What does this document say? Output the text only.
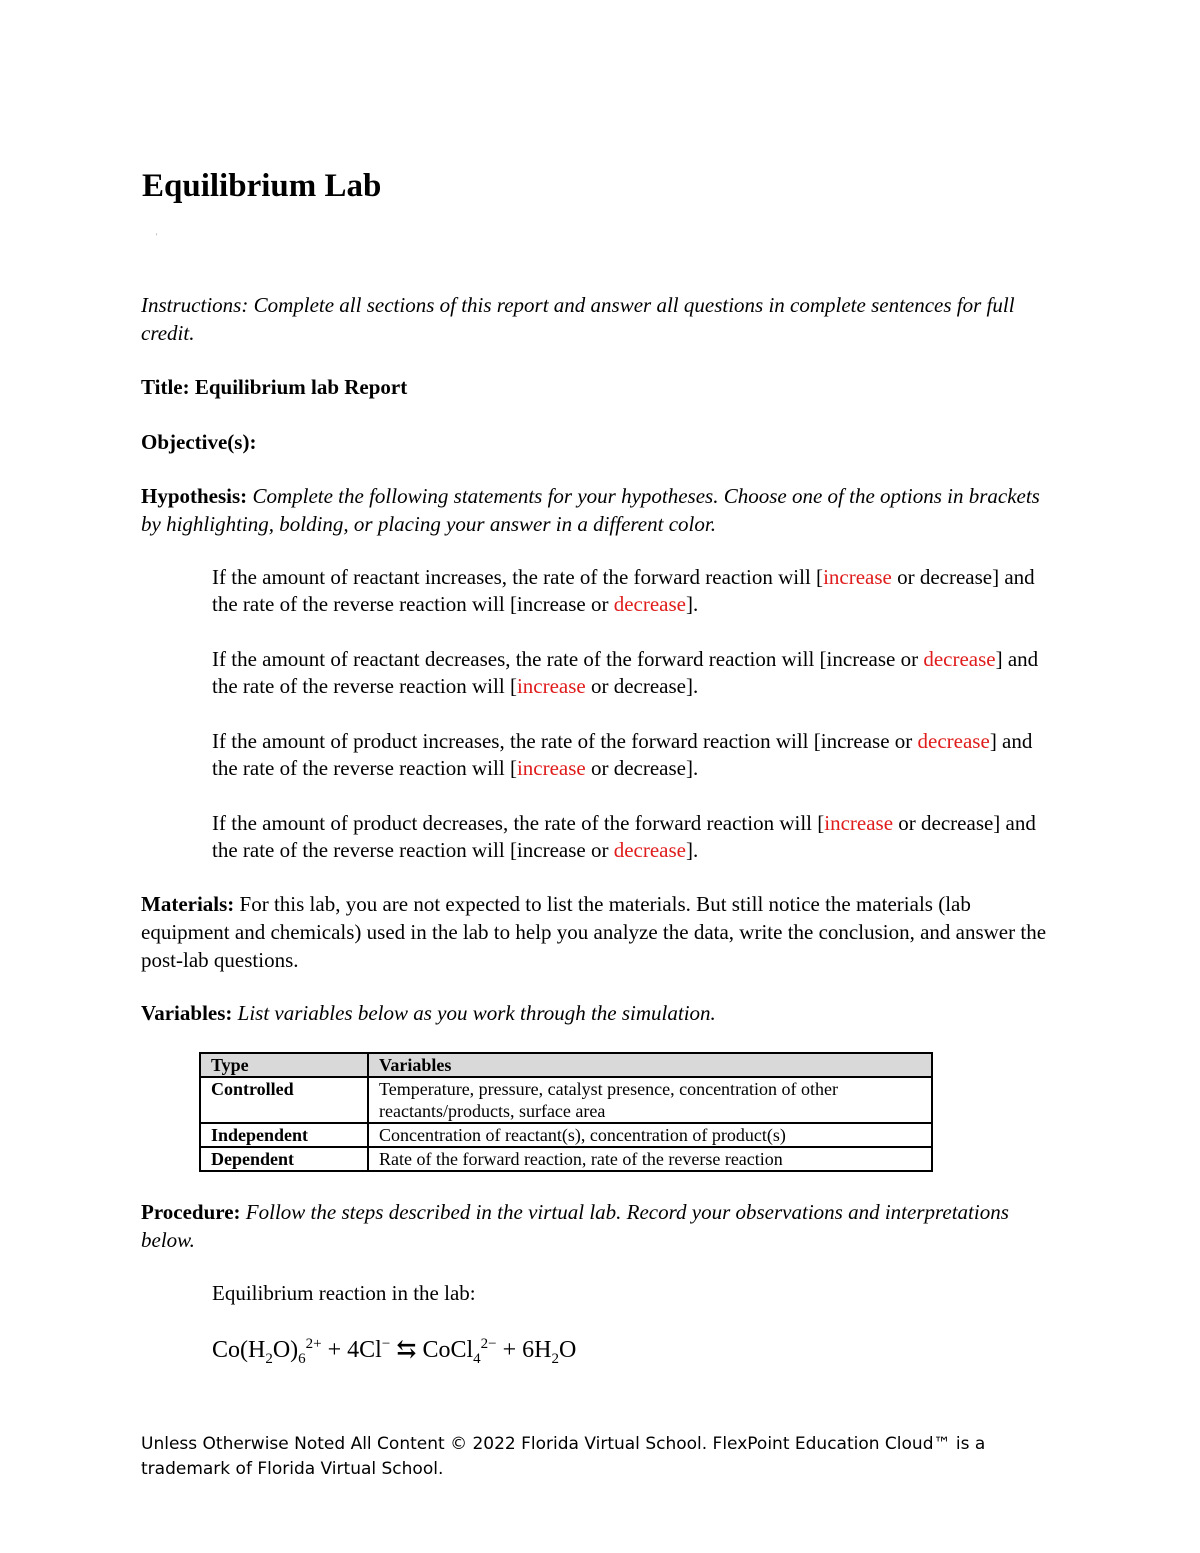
Equilibrium Lab
'
Instructions: Complete all sections of this report and answer all questions in complete sentences for full credit.
Title: Equilibrium lab Report
Objective(s):
Hypothesis: Complete the following statements for your hypotheses. Choose one of the options in brackets by highlighting, bolding, or placing your answer in a different color.
If the amount of reactant increases, the rate of the forward reaction will [increase or decrease] and the rate of the reverse reaction will [increase or decrease].
If the amount of reactant decreases, the rate of the forward reaction will [increase or decrease] and the rate of the reverse reaction will [increase or decrease].
If the amount of product increases, the rate of the forward reaction will [increase or decrease] and the rate of the reverse reaction will [increase or decrease].
If the amount of product decreases, the rate of the forward reaction will [increase or decrease] and the rate of the reverse reaction will [increase or decrease].
Materials: For this lab, you are not expected to list the materials. But still notice the materials (lab equipment and chemicals) used in the lab to help you analyze the data, write the conclusion, and answer the post-lab questions.
Variables: List variables below as you work through the simulation.
Type	Variables
Controlled	Temperature, pressure, catalyst presence, concentration of other reactants/products, surface area
Independent	Concentration of reactant(s), concentration of product(s)
Dependent	Rate of the forward reaction, rate of the reverse reaction
Procedure: Follow the steps described in the virtual lab. Record your observations and interpretations below.
Equilibrium reaction in the lab:
$Co(H_2O)_6^{2+} + 4Cl^-$ ⇆ CoCl$_4^{2-}$ + $6H_2O$
Unless Otherwise Noted All Content © 2022 Florida Virtual School. FlexPoint Education Cloud™ is a trademark of Florida Virtual School.
